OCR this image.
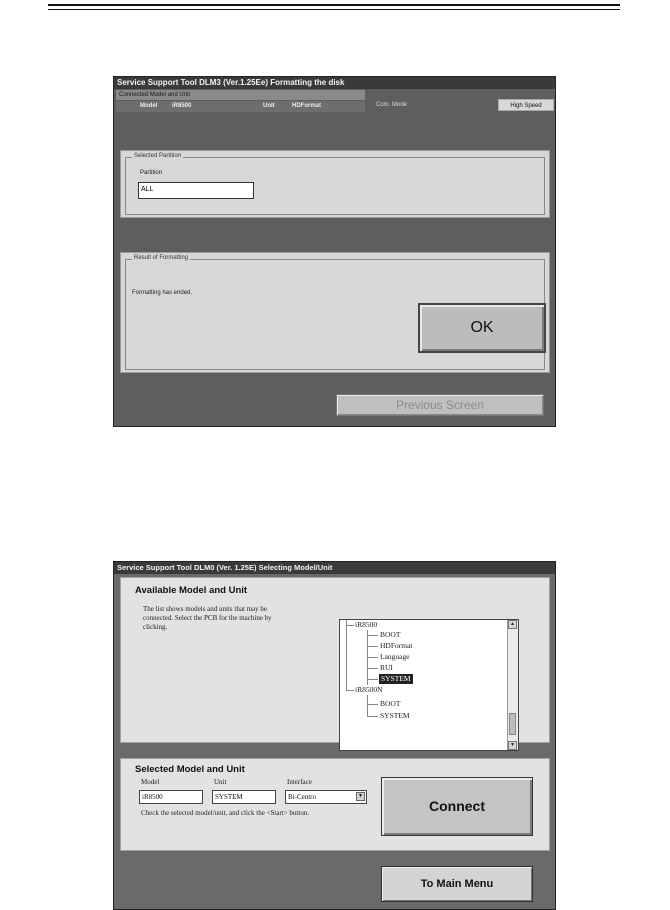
Service Support Tool DLM3 (Ver.1.25Ee) Formatting the disk
Connected Model and Unit
Model iR8500	Unit	HDFormat	Com. Mode	High Speed
Selected Partition
Partition
ALL
Result of Formatting
Formatting has ended.
OK
Previous Screen
Service Support Tool DLM0 (Ver. 1.25E) Selecting Model/Unit
Available Model and Unit
The list shows models and units that may be connected. Select the PCB for the machine by clicking.	iR8500
BOOT
HDFormat
Language
RUI
SYSTEM
iR8500N
BOOT
SYSTEM
▲
▼
Selected Model and Unit
Model	Unit	Interface
iR8500	SYSTEM	Bi-Centro	▼
Check the selected model/unit, and click the <Start> button.	Connect
To Main Menu
